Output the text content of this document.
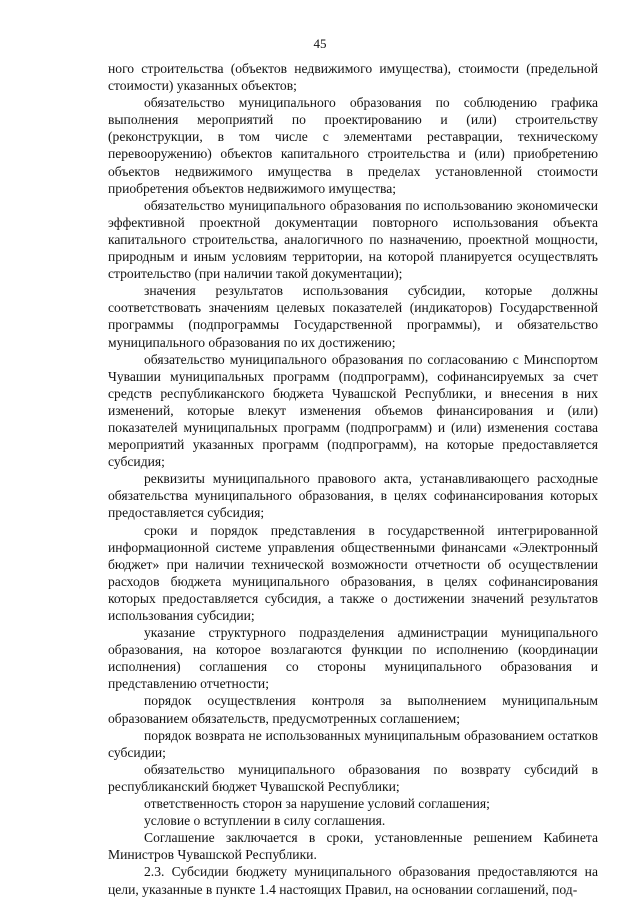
45

ного строительства (объектов недвижимого имущества), стоимости (предельной стоимости) указанных объектов;

обязательство муниципального образования по соблюдению графика выполнения мероприятий по проектированию и (или) строительству (реконструкции, в том числе с элементами реставрации, техническому перевооружению) объектов капитального строительства и (или) приобретению объектов недвижимого имущества в пределах установленной стоимости приобретения объектов недвижимого имущества;

обязательство муниципального образования по использованию экономически эффективной проектной документации повторного использования объекта капитального строительства, аналогичного по назначению, проектной мощности, природным и иным условиям территории, на которой планируется осуществлять строительство (при наличии такой документации);

значения результатов использования субсидии, которые должны соответствовать значениям целевых показателей (индикаторов) Государственной программы (подпрограммы Государственной программы), и обязательство муниципального образования по их достижению;

обязательство муниципального образования по согласованию с Минспортом Чувашии муниципальных программ (подпрограмм), софинансируемых за счет средств республиканского бюджета Чувашской Республики, и внесения в них изменений, которые влекут изменения объемов финансирования и (или) показателей муниципальных программ (подпрограмм) и (или) изменения состава мероприятий указанных программ (подпрограмм), на которые предоставляется субсидия;

реквизиты муниципального правового акта, устанавливающего расходные обязательства муниципального образования, в целях софинансирования которых предоставляется субсидия;

сроки и порядок представления в государственной интегрированной информационной системе управления общественными финансами «Электронный бюджет» при наличии технической возможности отчетности об осуществлении расходов бюджета муниципального образования, в целях софинансирования которых предоставляется субсидия, а также о достижении значений результатов использования субсидии;

указание структурного подразделения администрации муниципального образования, на которое возлагаются функции по исполнению (координации исполнения) соглашения со стороны муниципального образования и представлению отчетности;

порядок осуществления контроля за выполнением муниципальным образованием обязательств, предусмотренных соглашением;

порядок возврата не использованных муниципальным образованием остатков субсидии;

обязательство муниципального образования по возврату субсидий в республиканский бюджет Чувашской Республики;

ответственность сторон за нарушение условий соглашения;

условие о вступлении в силу соглашения.

Соглашение заключается в сроки, установленные решением Кабинета Министров Чувашской Республики.

2.3. Субсидии бюджету муниципального образования предоставляются на цели, указанные в пункте 1.4 настоящих Правил, на основании соглашений, под-
